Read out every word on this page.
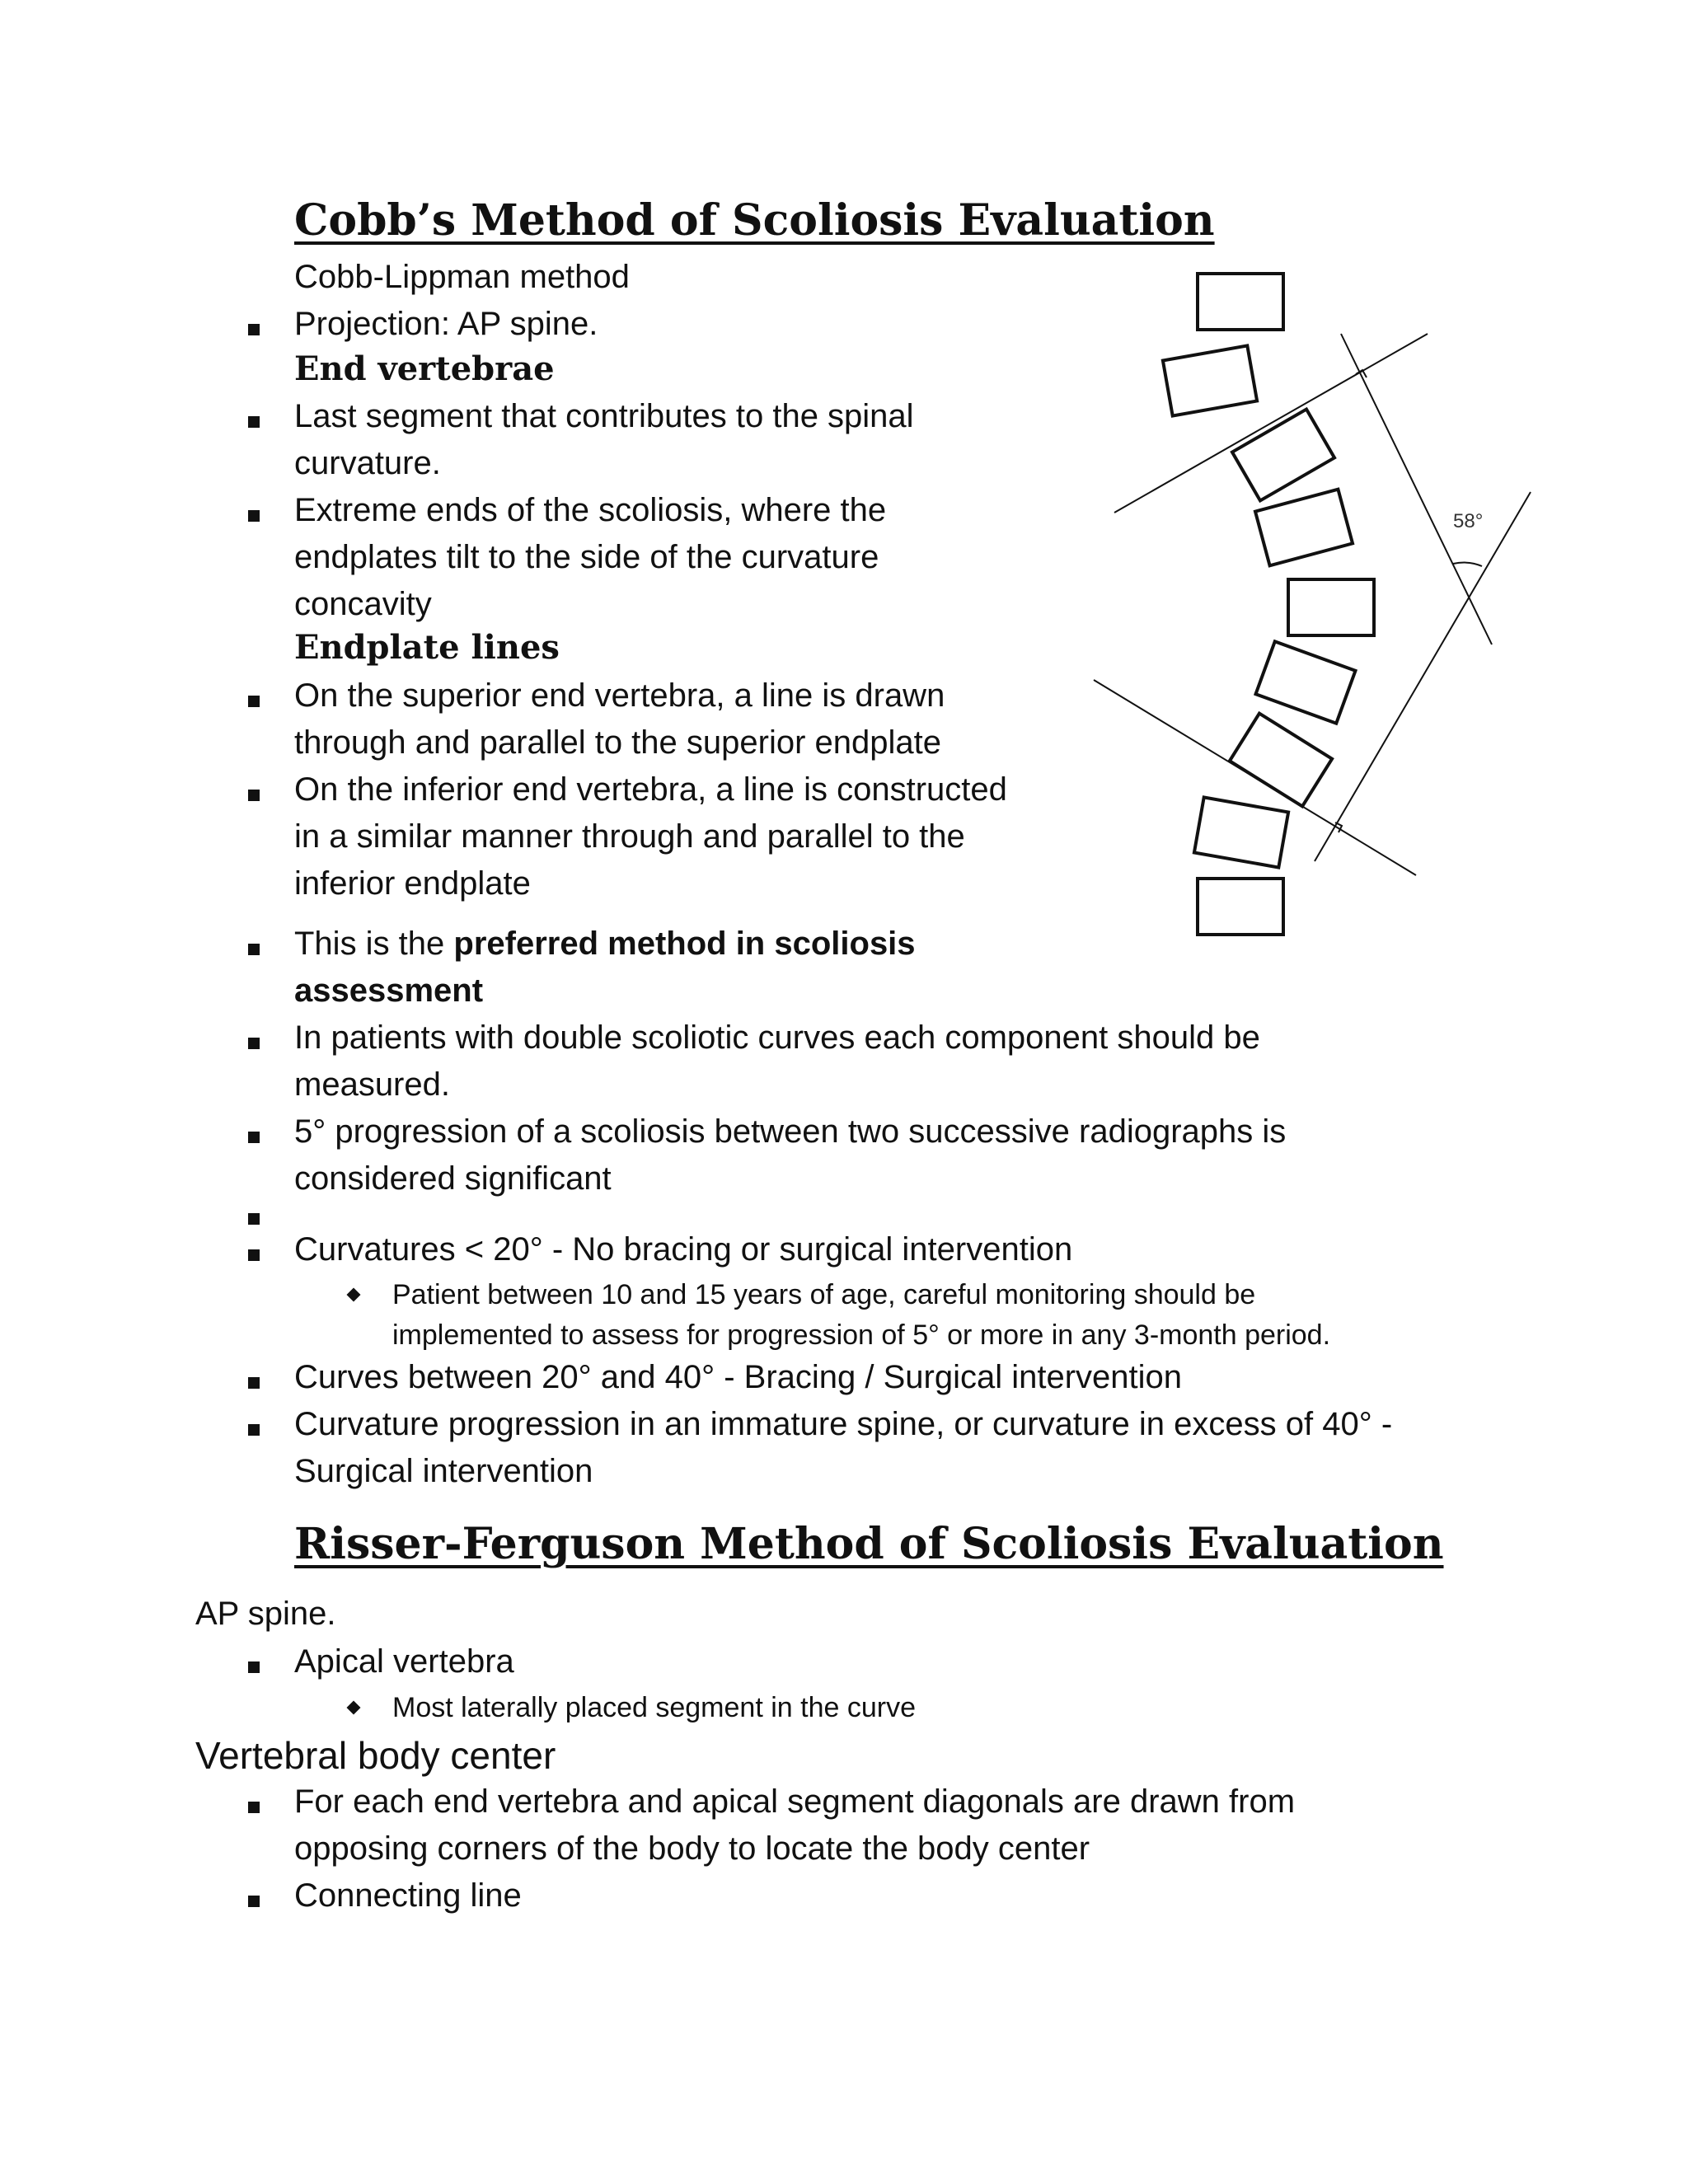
Cobb’s Method of Scoliosis Evaluation
Cobb-Lippman method
Projection: AP spine.
End vertebrae
Last segment that contributes to the spinal
curvature.
Extreme ends of the scoliosis, where the
endplates tilt to the side of the curvature
concavity
Endplate lines
On the superior end vertebra, a line is drawn
through and parallel to the superior endplate
On the inferior end vertebra, a line is constructed
in a similar manner through and parallel to the
inferior endplate
This is the preferred method in scoliosis
assessment
In patients with double scoliotic curves each component should be
measured.
5° progression of a scoliosis between two successive radiographs is
considered significant
Curvatures < 20° - No bracing or surgical intervention
Patient between 10 and 15 years of age, careful monitoring should be
implemented to assess for progression of 5° or more in any 3-month period.
Curves between 20° and 40° - Bracing / Surgical intervention
Curvature progression in an immature spine, or curvature in excess of 40° -
Surgical intervention
58°
Risser-Ferguson Method of Scoliosis Evaluation
AP spine.
Apical vertebra
Most laterally placed segment in the curve
Vertebral body center
For each end vertebra and apical segment diagonals are drawn from
opposing corners of the body to locate the body center
Connecting line
